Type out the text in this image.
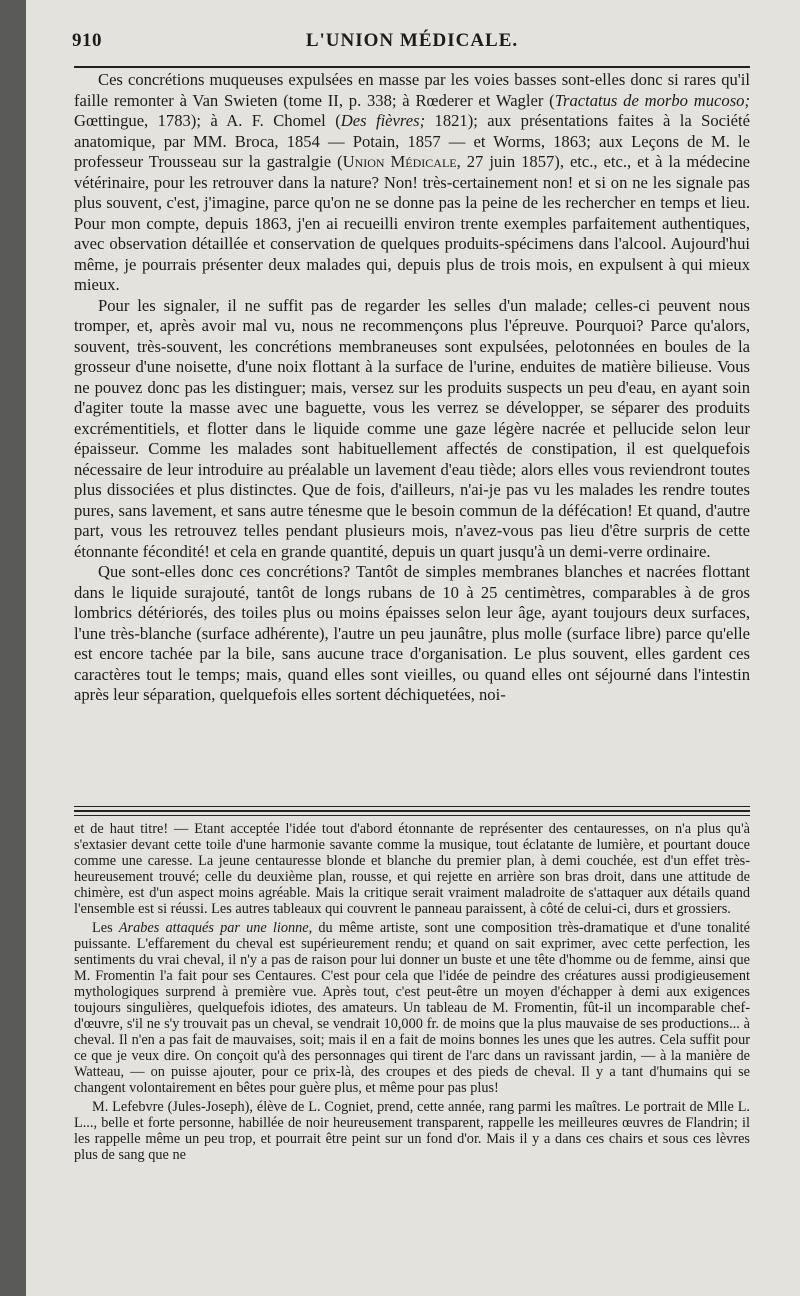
910	L'UNION MÉDICALE.

Ces concrétions muqueuses expulsées en masse par les voies basses sont-elles donc si rares qu'il faille remonter à Van Swieten (tome II, p. 338; à Rœderer et Wagler (Tractatus de morbo mucoso; Gœttingue, 1783); à A. F. Chomel (Des fièvres; 1821); aux présentations faites à la Société anatomique, par MM. Broca, 1854 — Potain, 1857 — et Worms, 1863; aux Leçons de M. le professeur Trousseau sur la gastralgie (Union Médicale, 27 juin 1857), etc., etc., et à la médecine vétérinaire, pour les retrouver dans la nature? Non! très-certainement non! et si on ne les signale pas plus souvent, c'est, j'imagine, parce qu'on ne se donne pas la peine de les rechercher en temps et lieu. Pour mon compte, depuis 1863, j'en ai recueilli environ trente exemples parfaitement authentiques, avec observation détaillée et conservation de quelques produits-spécimens dans l'alcool. Aujourd'hui même, je pourrais présenter deux malades qui, depuis plus de trois mois, en expulsent à qui mieux mieux.

Pour les signaler, il ne suffit pas de regarder les selles d'un malade; celles-ci peuvent nous tromper, et, après avoir mal vu, nous ne recommençons plus l'épreuve. Pourquoi? Parce qu'alors, souvent, très-souvent, les concrétions membraneuses sont expulsées, pelotonnées en boules de la grosseur d'une noisette, d'une noix flottant à la surface de l'urine, enduites de matière bilieuse. Vous ne pouvez donc pas les distinguer; mais, versez sur les produits suspects un peu d'eau, en ayant soin d'agiter toute la masse avec une baguette, vous les verrez se développer, se séparer des produits excrémentitiels, et flotter dans le liquide comme une gaze légère nacrée et pellucide selon leur épaisseur. Comme les malades sont habituellement affectés de constipation, il est quelquefois nécessaire de leur introduire au préalable un lavement d'eau tiède; alors elles vous reviendront toutes plus dissociées et plus distinctes. Que de fois, d'ailleurs, n'ai-je pas vu les malades les rendre toutes pures, sans lavement, et sans autre ténesme que le besoin commun de la défécation! Et quand, d'autre part, vous les retrouvez telles pendant plusieurs mois, n'avez-vous pas lieu d'être surpris de cette étonnante fécondité! et cela en grande quantité, depuis un quart jusqu'à un demi-verre ordinaire.

Que sont-elles donc ces concrétions? Tantôt de simples membranes blanches et nacrées flottant dans le liquide surajouté, tantôt de longs rubans de 10 à 25 centimètres, comparables à de gros lombrics détériorés, des toiles plus ou moins épaisses selon leur âge, ayant toujours deux surfaces, l'une très-blanche (surface adhérente), l'autre un peu jaunâtre, plus molle (surface libre) parce qu'elle est encore tachée par la bile, sans aucune trace d'organisation. Le plus souvent, elles gardent ces caractères tout le temps; mais, quand elles sont vieilles, ou quand elles ont séjourné dans l'intestin après leur séparation, quelquefois elles sortent déchiquetées, noi-

et de haut titre! — Etant acceptée l'idée tout d'abord étonnante de représenter des centauresses, on n'a plus qu'à s'extasier devant cette toile d'une harmonie savante comme la musique, tout éclatante de lumière, et pourtant douce comme une caresse. La jeune centauresse blonde et blanche du premier plan, à demi couchée, est d'un effet très-heureusement trouvé; celle du deuxième plan, rousse, et qui rejette en arrière son bras droit, dans une attitude de chimère, est d'un aspect moins agréable. Mais la critique serait vraiment maladroite de s'attaquer aux détails quand l'ensemble est si réussi. Les autres tableaux qui couvrent le panneau paraissent, à côté de celui-ci, durs et grossiers.

Les Arabes attaqués par une lionne, du même artiste, sont une composition très-dramatique et d'une tonalité puissante. L'effarement du cheval est supérieurement rendu; et quand on sait exprimer, avec cette perfection, les sentiments du vrai cheval, il n'y a pas de raison pour lui donner un buste et une tête d'homme ou de femme, ainsi que M. Fromentin l'a fait pour ses Centaures. C'est pour cela que l'idée de peindre des créatures aussi prodigieusement mythologiques surprend à première vue. Après tout, c'est peut-être un moyen d'échapper à demi aux exigences toujours singulières, quelquefois idiotes, des amateurs. Un tableau de M. Fromentin, fût-il un incomparable chef-d'œuvre, s'il ne s'y trouvait pas un cheval, se vendrait 10,000 fr. de moins que la plus mauvaise de ses productions... à cheval. Il n'en a pas fait de mauvaises, soit; mais il en a fait de moins bonnes les unes que les autres. Cela suffit pour ce que je veux dire. On conçoit qu'à des personnages qui tirent de l'arc dans un ravissant jardin, — à la manière de Watteau, — on puisse ajouter, pour ce prix-là, des croupes et des pieds de cheval. Il y a tant d'humains qui se changent volontairement en bêtes pour guère plus, et même pour pas plus!

M. Lefebvre (Jules-Joseph), élève de L. Cogniet, prend, cette année, rang parmi les maîtres. Le portrait de Mlle L. L..., belle et forte personne, habillée de noir heureusement transparent, rappelle les meilleures œuvres de Flandrin; il les rappelle même un peu trop, et pourrait être peint sur un fond d'or. Mais il y a dans ces chairs et sous ces lèvres plus de sang que ne
